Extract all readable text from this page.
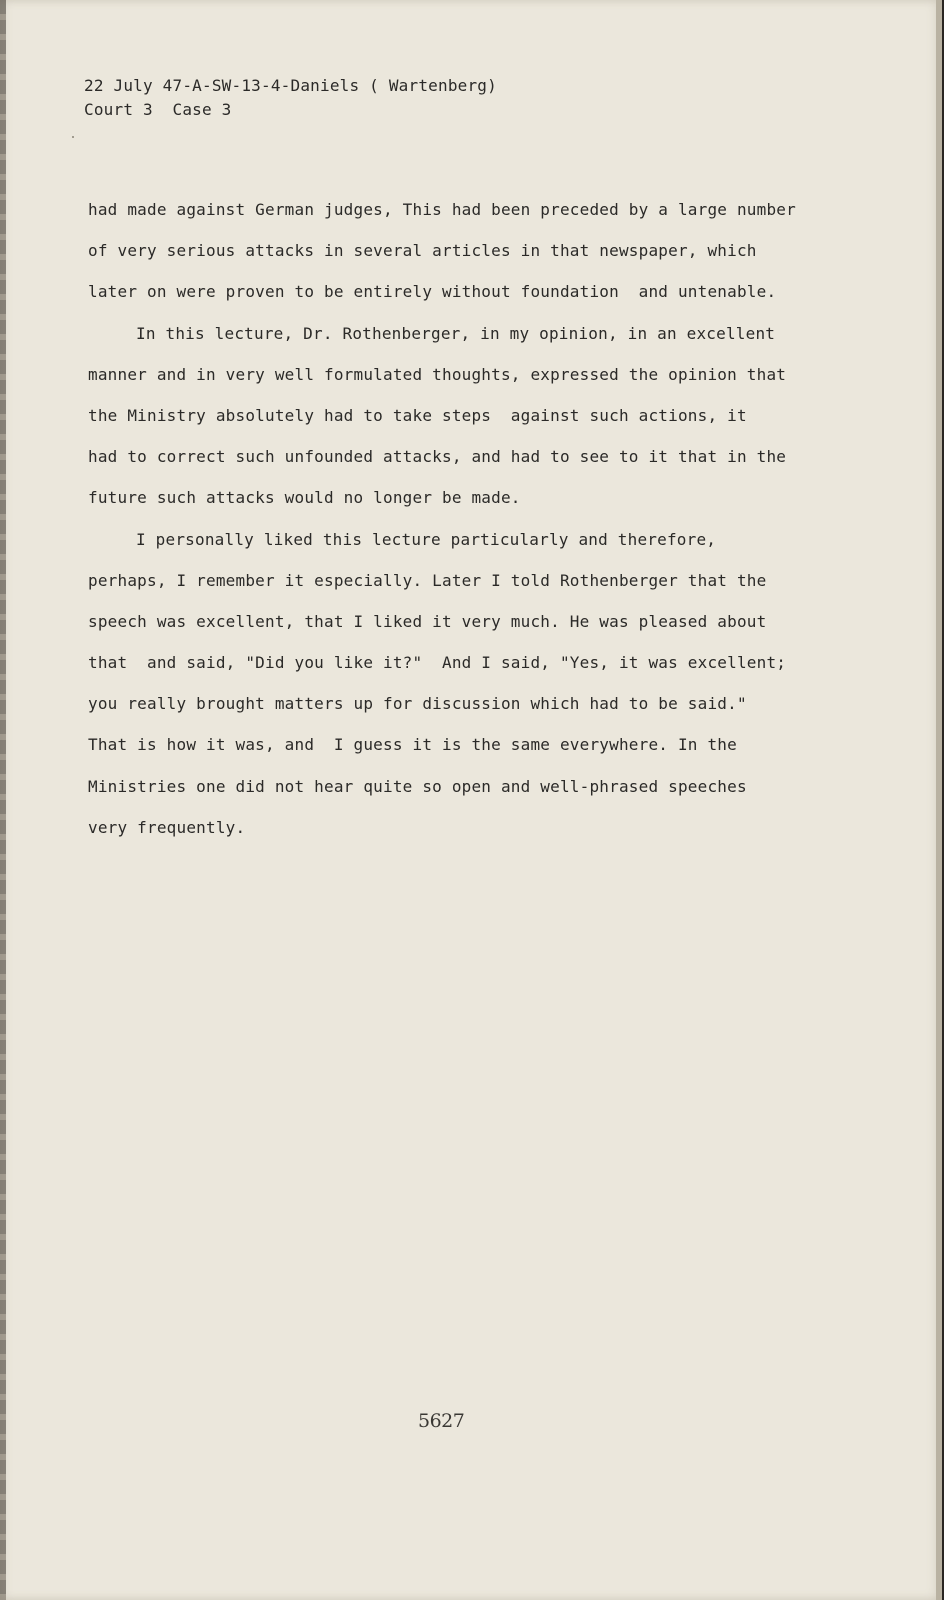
22 July 47-A-SW-13-4-Daniels ( Wartenberg)
Court 3  Case 3
had made against German judges, This had been preceded by a large number
of very serious attacks in several articles in that newspaper, which
later on were proven to be entirely without foundation  and untenable.
In this lecture, Dr. Rothenberger, in my opinion, in an excellent
manner and in very well formulated thoughts, expressed the opinion that
the Ministry absolutely had to take steps  against such actions, it
had to correct such unfounded attacks, and had to see to it that in the
future such attacks would no longer be made.
I personally liked this lecture particularly and therefore,
perhaps, I remember it especially. Later I told Rothenberger that the
speech was excellent, that I liked it very much. He was pleased about
that  and said, "Did you like it?"  And I said, "Yes, it was excellent;
you really brought matters up for discussion which had to be said."
That is how it was, and  I guess it is the same everywhere. In the
Ministries one did not hear quite so open and well-phrased speeches
very frequently.
5627
